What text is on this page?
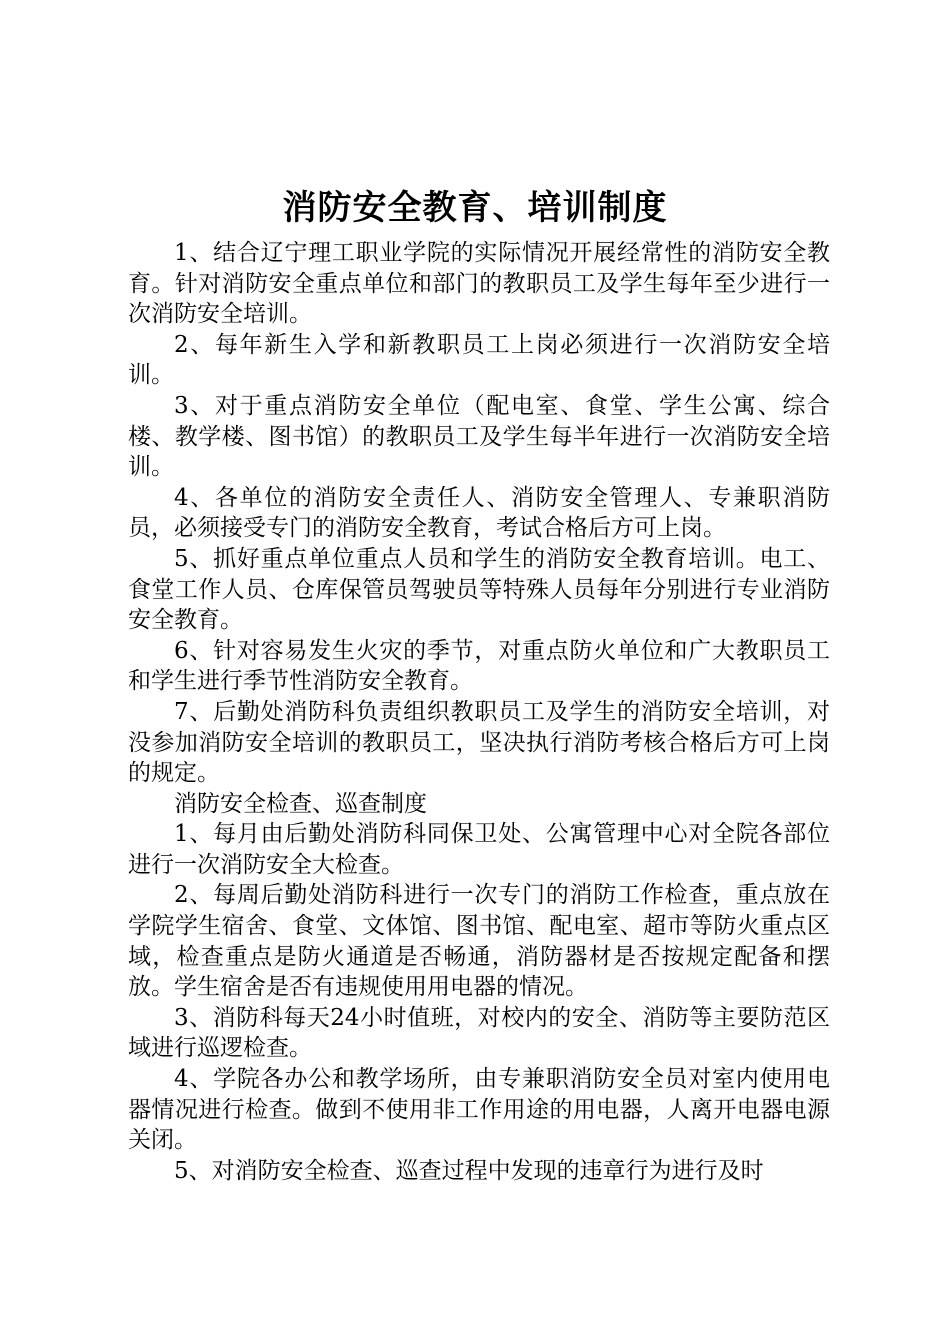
消防安全教育、培训制度

1、结合辽宁理工职业学院的实际情况开展经常性的消防安全教育。针对消防安全重点单位和部门的教职员工及学生每年至少进行一次消防安全培训。

2、每年新生入学和新教职员工上岗必须进行一次消防安全培训。

3、对于重点消防安全单位（配电室、食堂、学生公寓、综合楼、教学楼、图书馆）的教职员工及学生每半年进行一次消防安全培训。

4、各单位的消防安全责任人、消防安全管理人、专兼职消防员，必须接受专门的消防安全教育，考试合格后方可上岗。

5、抓好重点单位重点人员和学生的消防安全教育培训。电工、食堂工作人员、仓库保管员驾驶员等特殊人员每年分别进行专业消防安全教育。

6、针对容易发生火灾的季节，对重点防火单位和广大教职员工和学生进行季节性消防安全教育。

7、后勤处消防科负责组织教职员工及学生的消防安全培训，对没参加消防安全培训的教职员工，坚决执行消防考核合格后方可上岗的规定。

消防安全检查、巡查制度

1、每月由后勤处消防科同保卫处、公寓管理中心对全院各部位进行一次消防安全大检查。

2、每周后勤处消防科进行一次专门的消防工作检查，重点放在学院学生宿舍、食堂、文体馆、图书馆、配电室、超市等防火重点区域，检查重点是防火通道是否畅通，消防器材是否按规定配备和摆放。学生宿舍是否有违规使用用电器的情况。

3、消防科每天24小时值班，对校内的安全、消防等主要防范区域进行巡逻检查。

4、学院各办公和教学场所，由专兼职消防安全员对室内使用电器情况进行检查。做到不使用非工作用途的用电器，人离开电器电源关闭。

5、对消防安全检查、巡查过程中发现的违章行为进行及时
